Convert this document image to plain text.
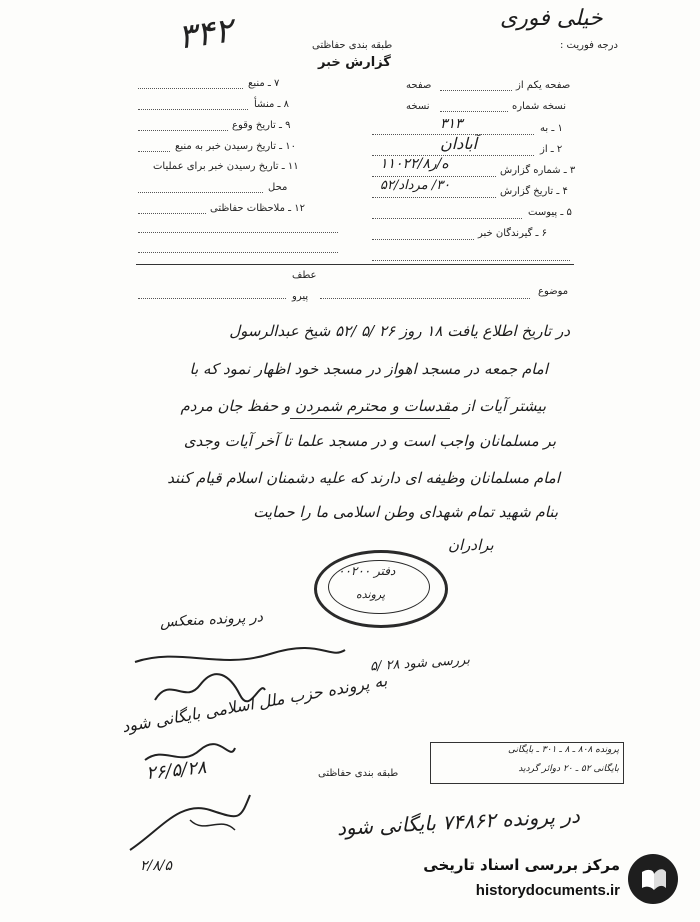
خیلی فوری
درجه فوریت :
۳۴۲	طبقه بندی حفاظتی
گزارش خبر
۷ ـ منبع
۸ ـ منشأ
۹ ـ تاریخ وقوع
۱۰ ـ تاریخ رسیدن خبر به منبع
۱۱ ـ تاریخ رسیدن خبر برای عملیات
محل
۱۲ ـ ملاحظات حفاظتی
صفحه یکم از
صفحه
نسخه شماره
نسخه
۱ ـ به
۳۱۳
۲ ـ از
آبادان
۳ ـ شماره گزارش
۱۱۰۲۲/ه/ر۸
۴ ـ تاریخ گزارش
۳۰/ مرداد/۵۲
۵ ـ پیوست
۶ ـ گیرندگان خبر
عطف
پیرو	موضوع
در تاریخ اطلاع یافت ۱۸ روز ۲۶ /۵ /۵۲ شیخ عبدالرسول
امام جمعه در مسجد اهواز در مسجد خود اظهار نمود که با
بیشتر آیات از مقدسات و محترم شمردن و حفظ جان مردم
بر مسلمانان واجب است و در مسجد علما تا آخر آیات وجدی
امام مسلمانان وظیفه ای دارند که علیه دشمنان اسلام قیام کنند
بنام شهید تمام شهدای وطن اسلامی ما را حمایت
برادران
دفتر ۰۰۲۰۰
پرونده
در پرونده منعکس
بررسی شود ۲۸ /۵
به پرونده حزب ملل اسلامی بایگانی شود
۲۶/۵/۲۸
پرونده ۸۰۸ ـ ۸ ـ ۳۰۱ ـ بایگانی
بایگانی ۵۲ ـ ۲۰ دوائر گردید
طبقه بندی حفاظتی
در پرونده ۷۴۸۶۲ بایگانی شود
۲/۸/۵	مرکز بررسی اسناد تاریخی
historydocuments.ir
